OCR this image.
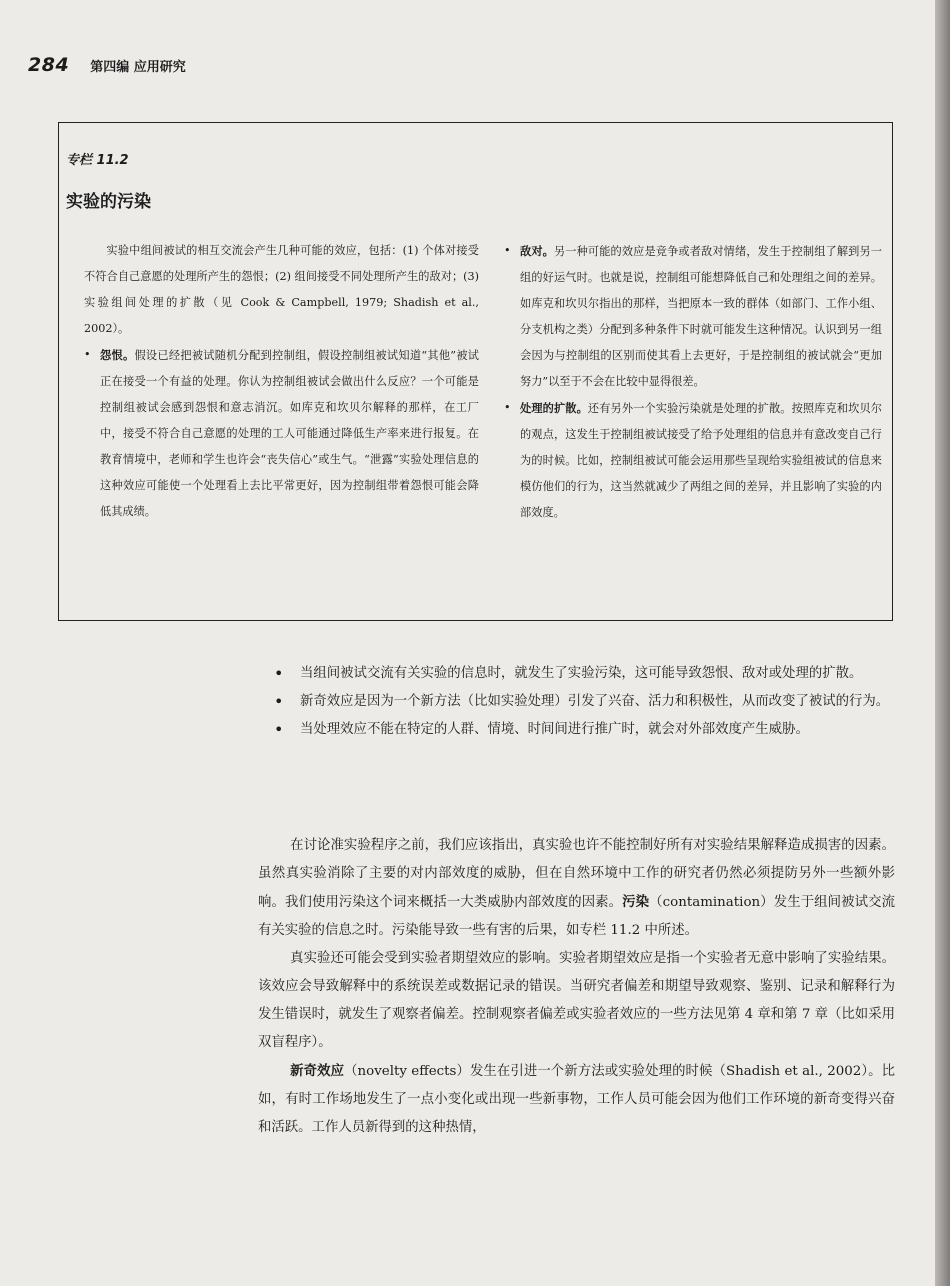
284 第四编 应用研究
专栏 11.2
实验的污染

实验中组间被试的相互交流会产生几种可能的效应，包括：(1) 个体对接受不符合自己意愿的处理所产生的怨恨；(2) 组间接受不同处理所产生的敌对；(3) 实验组间处理的扩散（见 Cook & Campbell, 1979; Shadish et al., 2002）。

• 怨恨。假设已经把被试随机分配到控制组，假设控制组被试知道“其他”被试正在接受一个有益的处理。你认为控制组被试会做出什么反应？一个可能是控制组被试会感到怨恨和意志消沉。如库克和坎贝尔解释的那样，在工厂中，接受不符合自己意愿的处理的工人可能通过降低生产率来进行报复。在教育情境中，老师和学生也许会“丧失信心”或生气。“泄露”实验处理信息的这种效应可能使一个处理看上去比平常更好，因为控制组带着怨恨可能会降低其成绩。
• 敌对。另一种可能的效应是竞争或者敌对情绪，发生于控制组了解到另一组的好运气时。也就是说，控制组可能想降低自己和处理组之间的差异。如库克和坎贝尔指出的那样，当把原本一致的群体（如部门、工作小组、分支机构之类）分配到多种条件下时就可能发生这种情况。认识到另一组会因为与控制组的区别而使其看上去更好，于是控制组的被试就会“更加努力”以至于不会在比较中显得很差。
• 处理的扩散。还有另外一个实验污染就是处理的扩散。按照库克和坎贝尔的观点，这发生于控制组被试接受了给予处理组的信息并有意改变自己行为的时候。比如，控制组被试可能会运用那些呈现给实验组被试的信息来模仿他们的行为，这当然就减少了两组之间的差异，并且影响了实验的内部效度。
• 当组间被试交流有关实验的信息时，就发生了实验污染，这可能导致怨恨、敌对或处理的扩散。
• 新奇效应是因为一个新方法（比如实验处理）引发了兴奋、活力和积极性，从而改变了被试的行为。
• 当处理效应不能在特定的人群、情境、时间间进行推广时，就会对外部效度产生威胁。

在讨论准实验程序之前，我们应该指出，真实验也许不能控制好所有对实验结果解释造成损害的因素。虽然真实验消除了主要的对内部效度的威胁，但在自然环境中工作的研究者仍然必须提防另外一些额外影响。我们使用污染这个词来概括一大类威胁内部效度的因素。污染（contamination）发生于组间被试交流有关实验的信息之时。污染能导致一些有害的后果，如专栏 11.2 中所述。

真实验还可能会受到实验者期望效应的影响。实验者期望效应是指一个实验者无意中影响了实验结果。该效应会导致解释中的系统误差或数据记录的错误。当研究者偏差和期望导致观察、鉴别、记录和解释行为发生错误时，就发生了观察者偏差。控制观察者偏差或实验者效应的一些方法见第 4 章和第 7 章（比如采用双盲程序）。

新奇效应（novelty effects）发生在引进一个新方法或实验处理的时候（Shadish et al., 2002）。比如，有时工作场地发生了一点小变化或出现一些新事物，工作人员可能会因为他们工作环境的新奇变得兴奋和活跃。工作人员新得到的这种热情，
